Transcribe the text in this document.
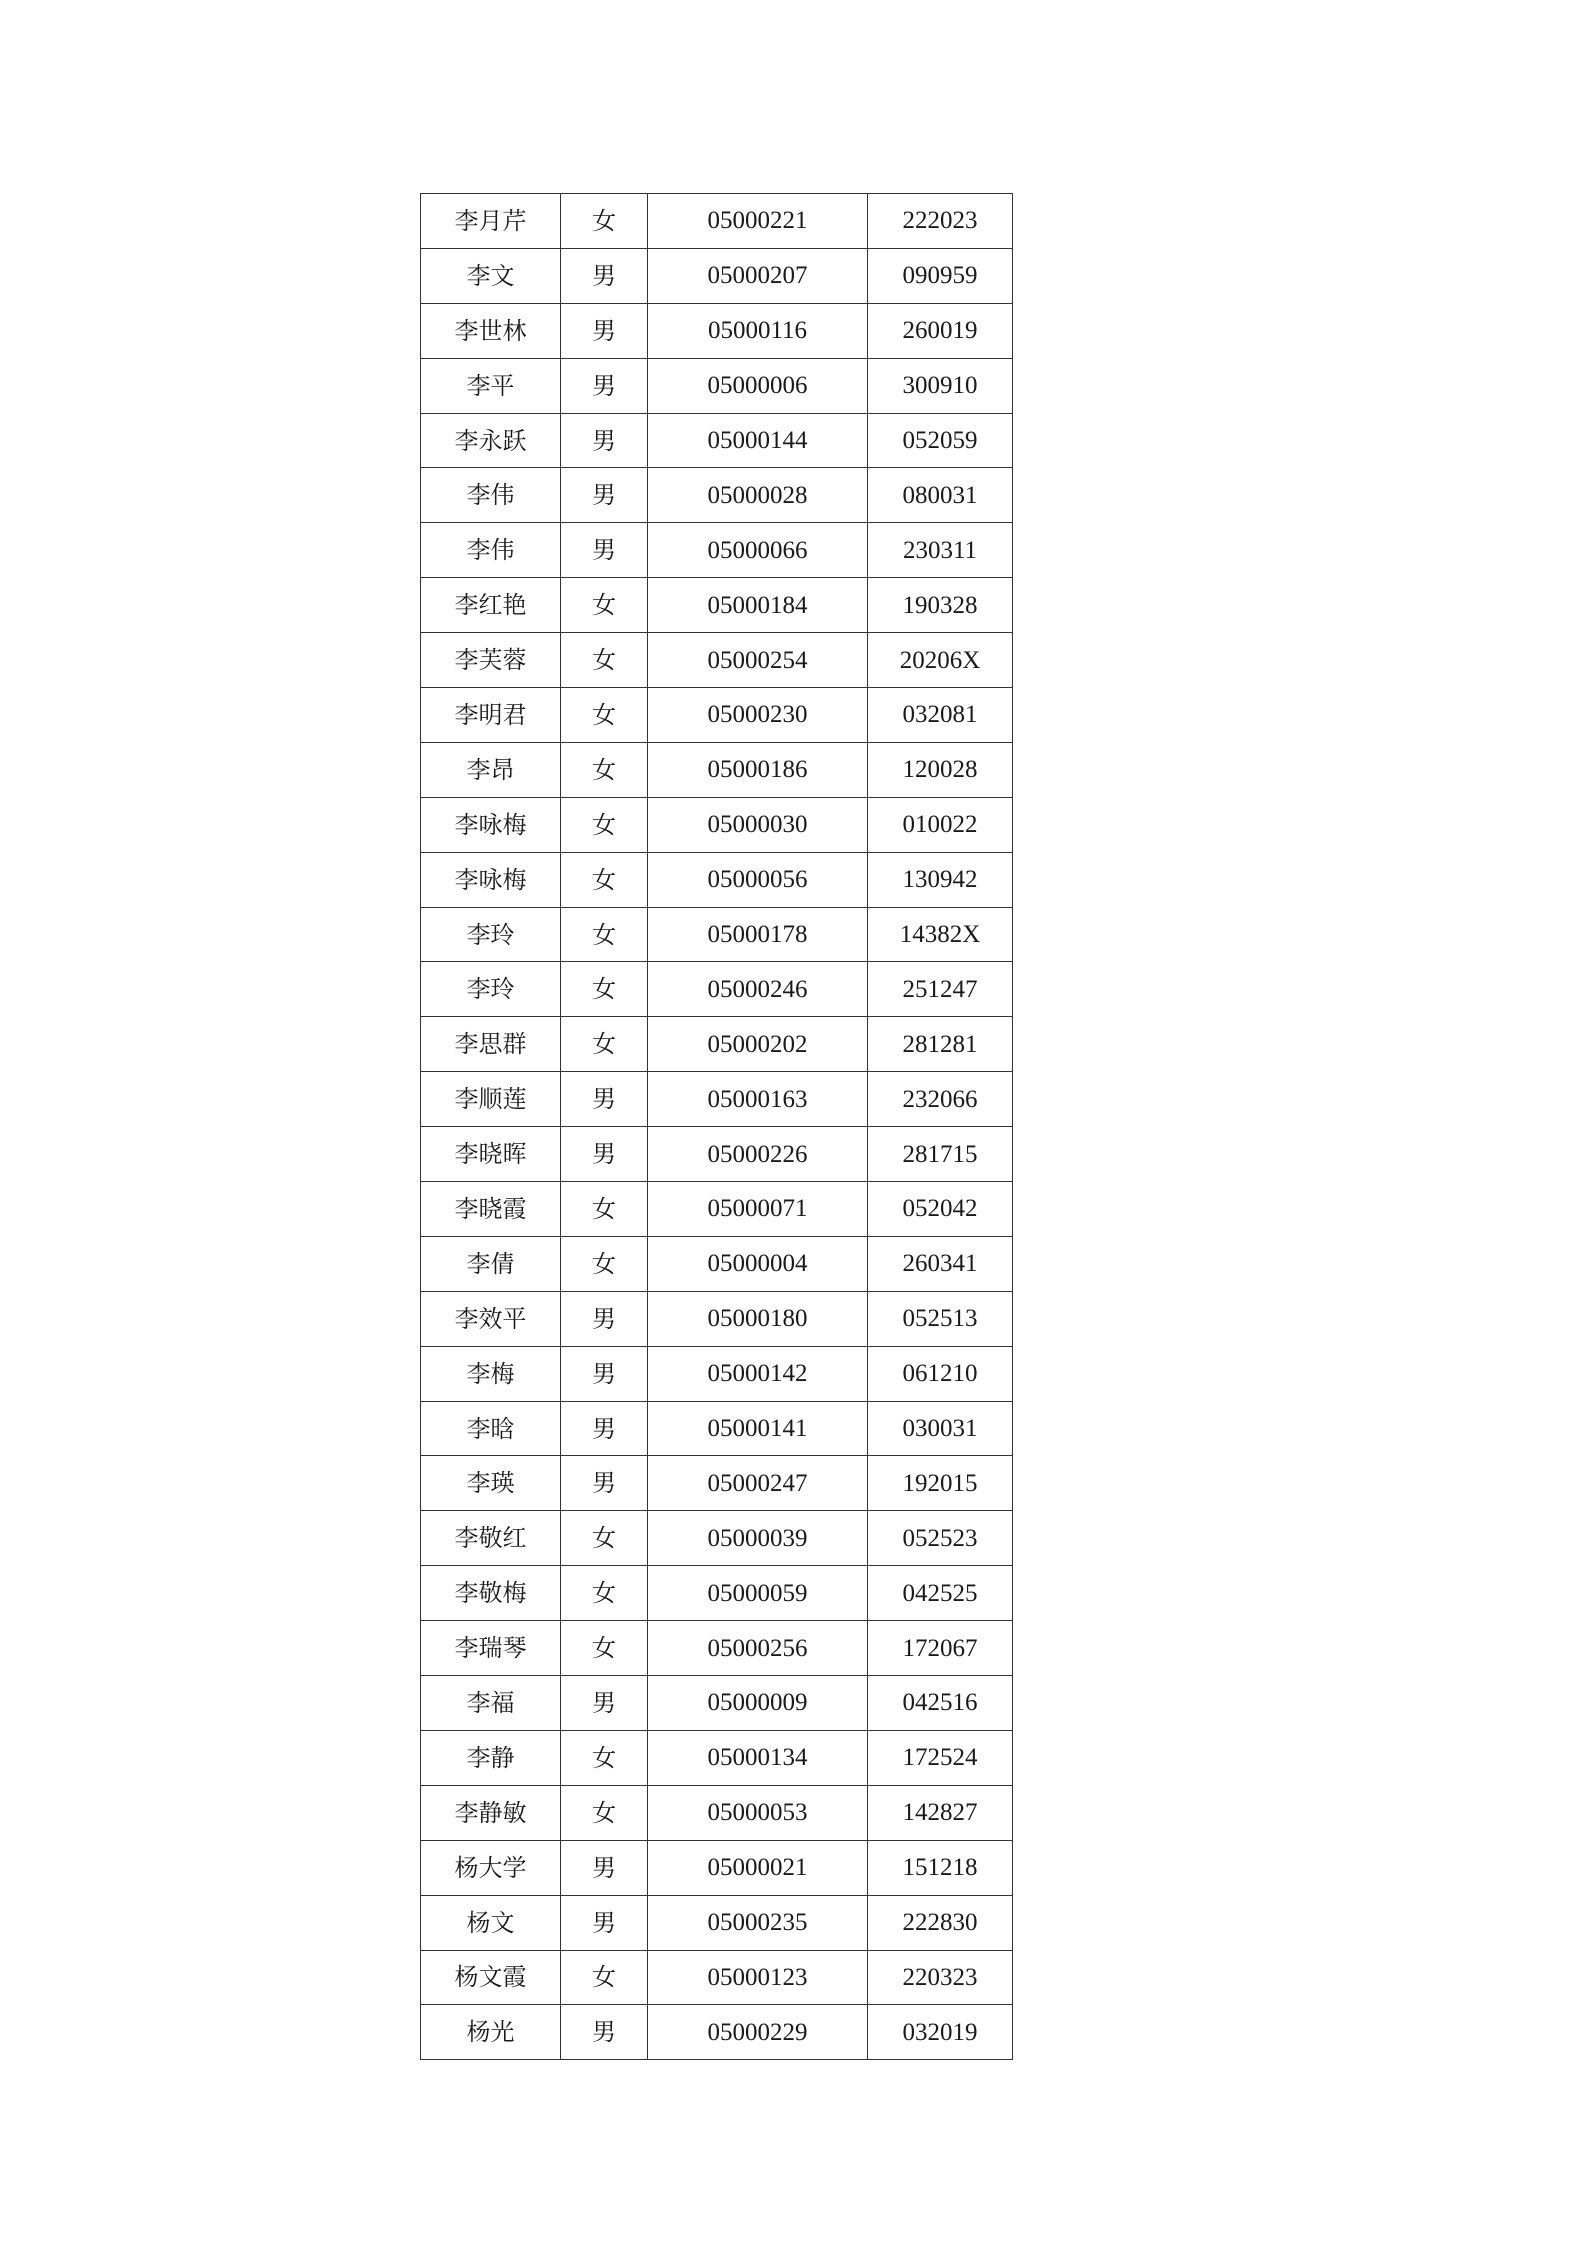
李月芹	女	05000221	222023
李文	男	05000207	090959
李世林	男	05000116	260019
李平	男	05000006	300910
李永跃	男	05000144	052059
李伟	男	05000028	080031
李伟	男	05000066	230311
李红艳	女	05000184	190328
李芙蓉	女	05000254	20206X
李明君	女	05000230	032081
李昂	女	05000186	120028
李咏梅	女	05000030	010022
李咏梅	女	05000056	130942
李玲	女	05000178	14382X
李玲	女	05000246	251247
李思群	女	05000202	281281
李顺莲	男	05000163	232066
李晓晖	男	05000226	281715
李晓霞	女	05000071	052042
李倩	女	05000004	260341
李效平	男	05000180	052513
李梅	男	05000142	061210
李晗	男	05000141	030031
李瑛	男	05000247	192015
李敬红	女	05000039	052523
李敬梅	女	05000059	042525
李瑞琴	女	05000256	172067
李福	男	05000009	042516
李静	女	05000134	172524
李静敏	女	05000053	142827
杨大学	男	05000021	151218
杨文	男	05000235	222830
杨文霞	女	05000123	220323
杨光	男	05000229	032019
